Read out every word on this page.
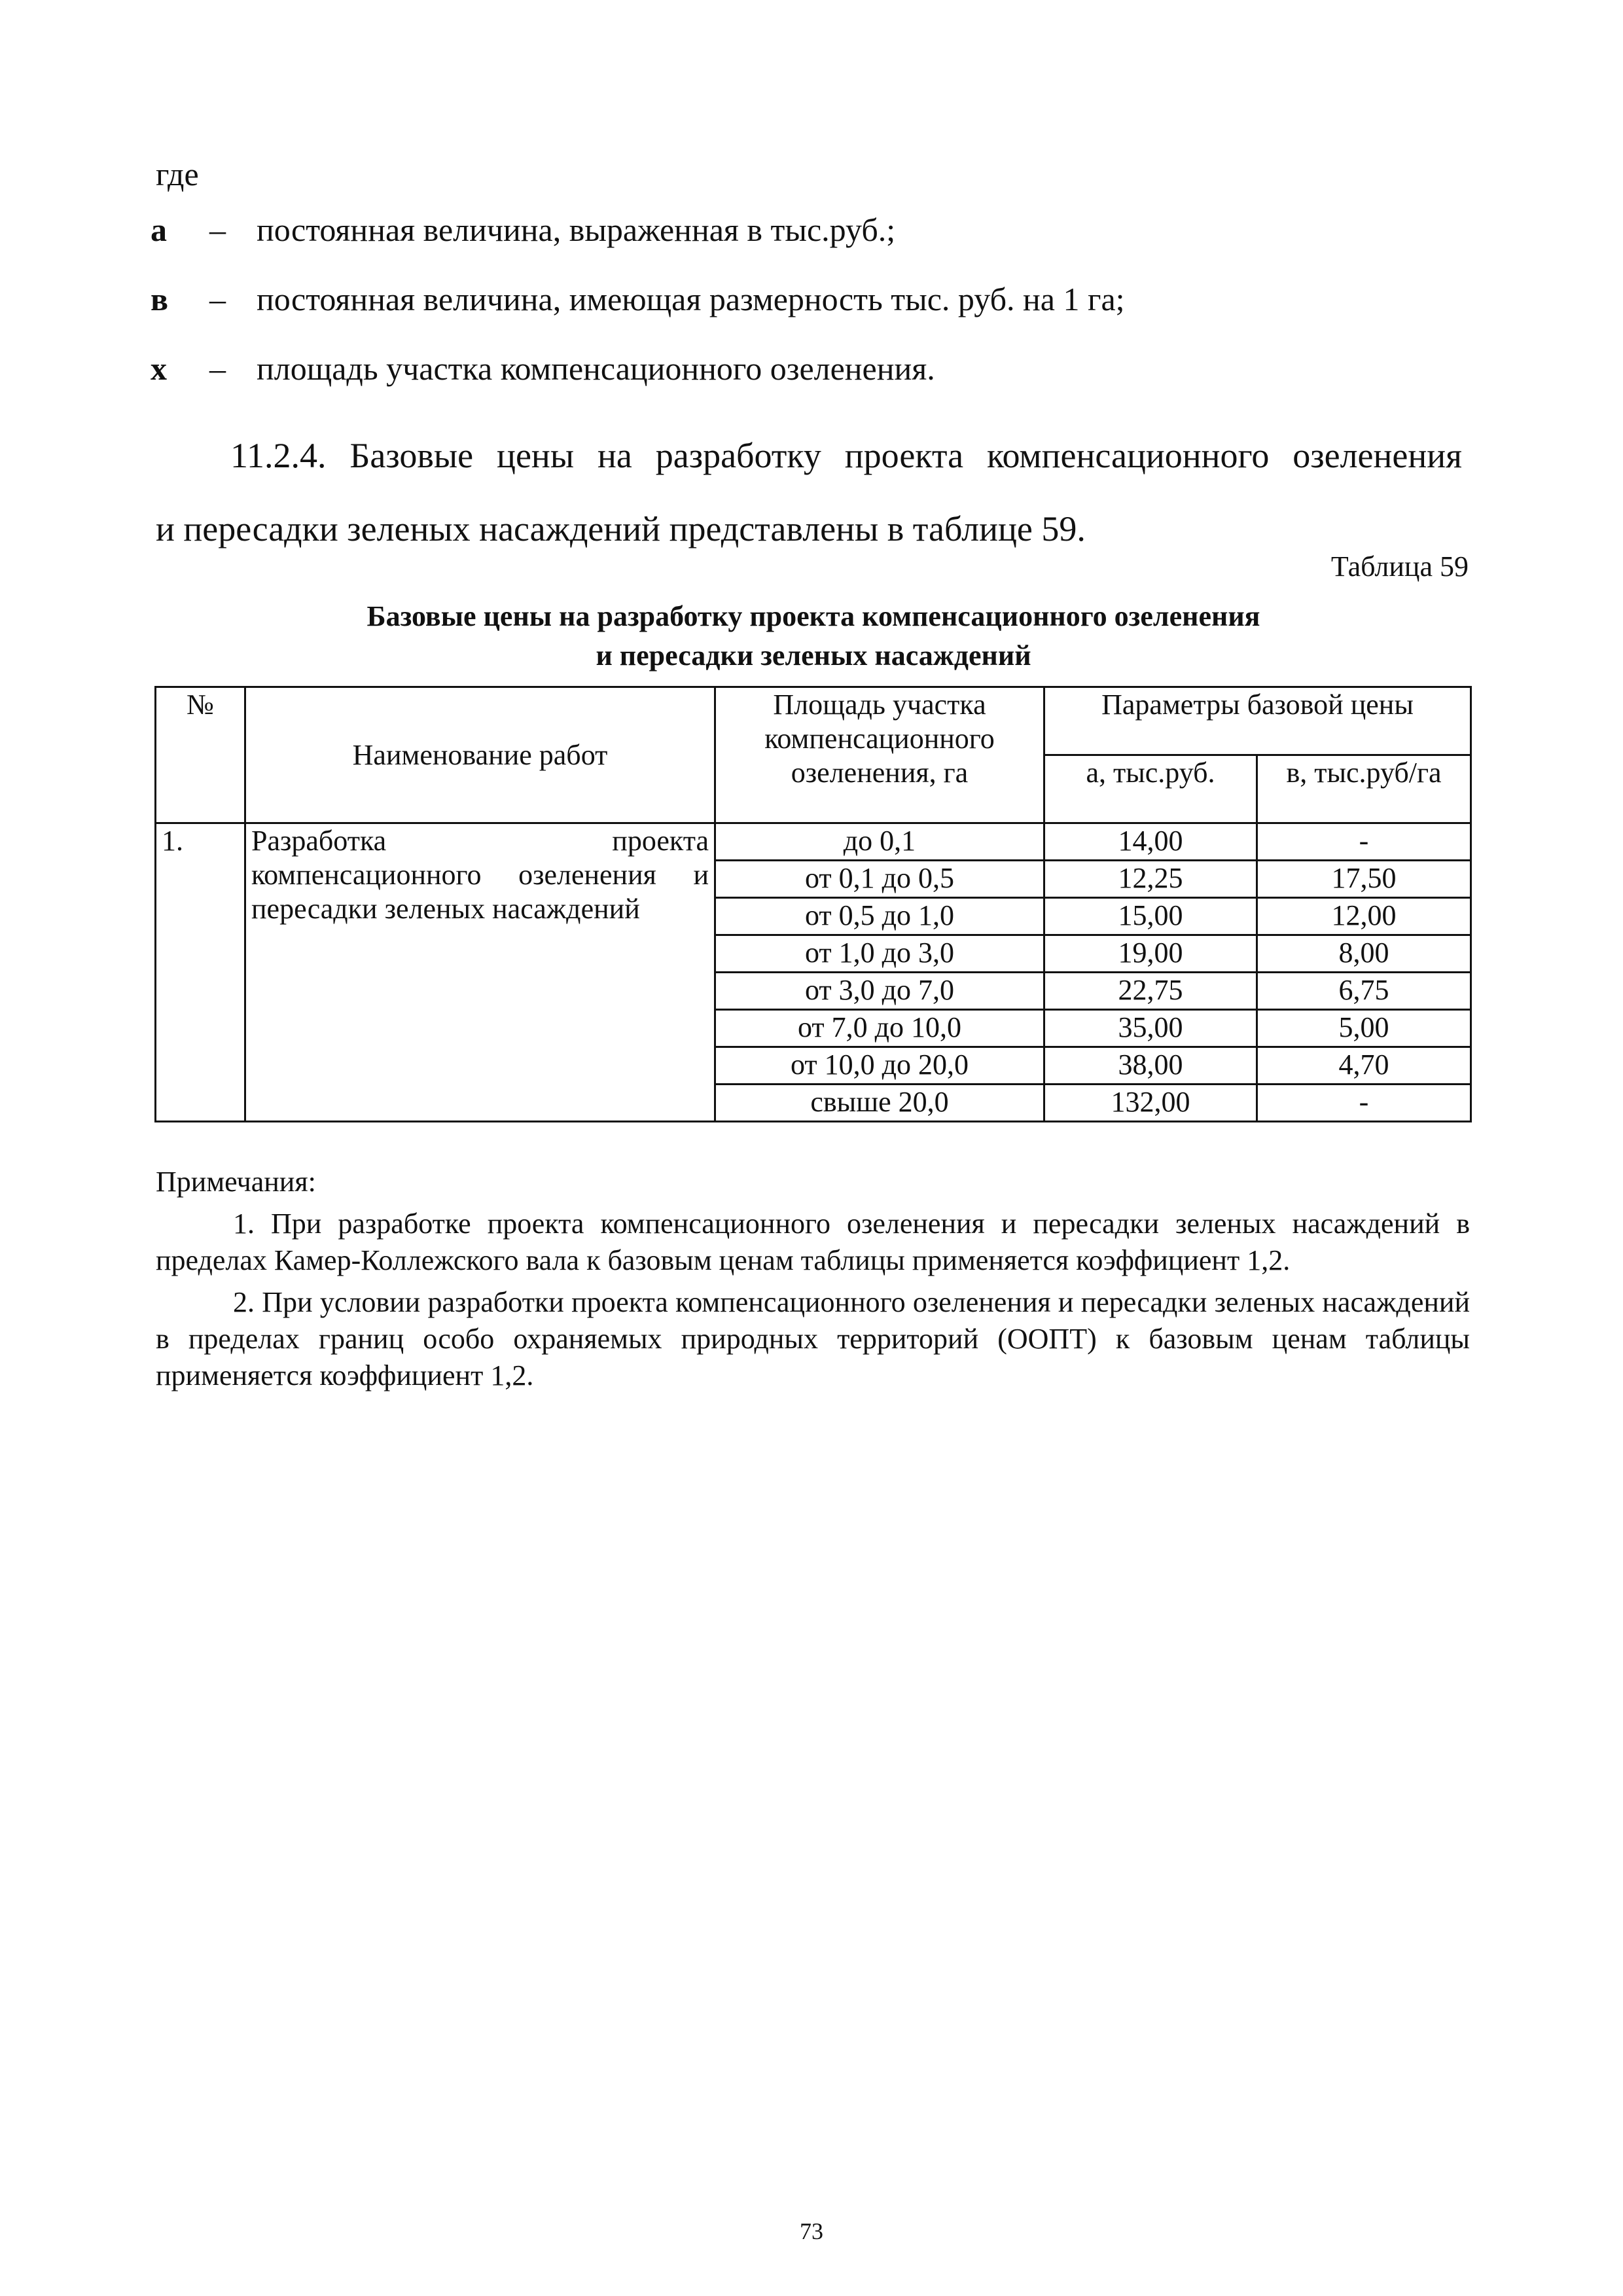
где
а	– постоянная величина, выраженная в тыс.руб.;
в	– постоянная величина, имеющая размерность тыс. руб. на 1 га;
х	– площадь участка компенсационного озеленения.
11.2.4. Базовые цены на разработку проекта компенсационного озеленения
и пересадки зеленых насаждений представлены в таблице 59.
Таблица 59
Базовые цены на разработку проекта компенсационного озеленения
и пересадки зеленых насаждений
№	Наименование работ	Площадь участка компенсационного озеленения, га	Параметры базовой цены	
			а, тыс.руб.	в, тыс.руб/га
1.	Разработка проекта компенсационного озеленения и пересадки зеленых насаждений	до 0,1	14,00	-
		от 0,1 до 0,5	12,25	17,50
		от 0,5 до 1,0	15,00	12,00
		от 1,0 до 3,0	19,00	8,00
		от 3,0 до 7,0	22,75	6,75
		от 7,0 до 10,0	35,00	5,00
		от 10,0 до 20,0	38,00	4,70
		свыше 20,0	132,00	-
Примечания:
1. При разработке проекта компенсационного озеленения и пересадки зеленых насаждений в пределах Камер-Коллежского вала к базовым ценам таблицы применяется коэффициент 1,2.
2. При условии разработки проекта компенсационного озеленения и пересадки зеленых насаждений в пределах границ особо охраняемых природных территорий (ООПТ) к базовым ценам таблицы применяется коэффициент 1,2.
73
